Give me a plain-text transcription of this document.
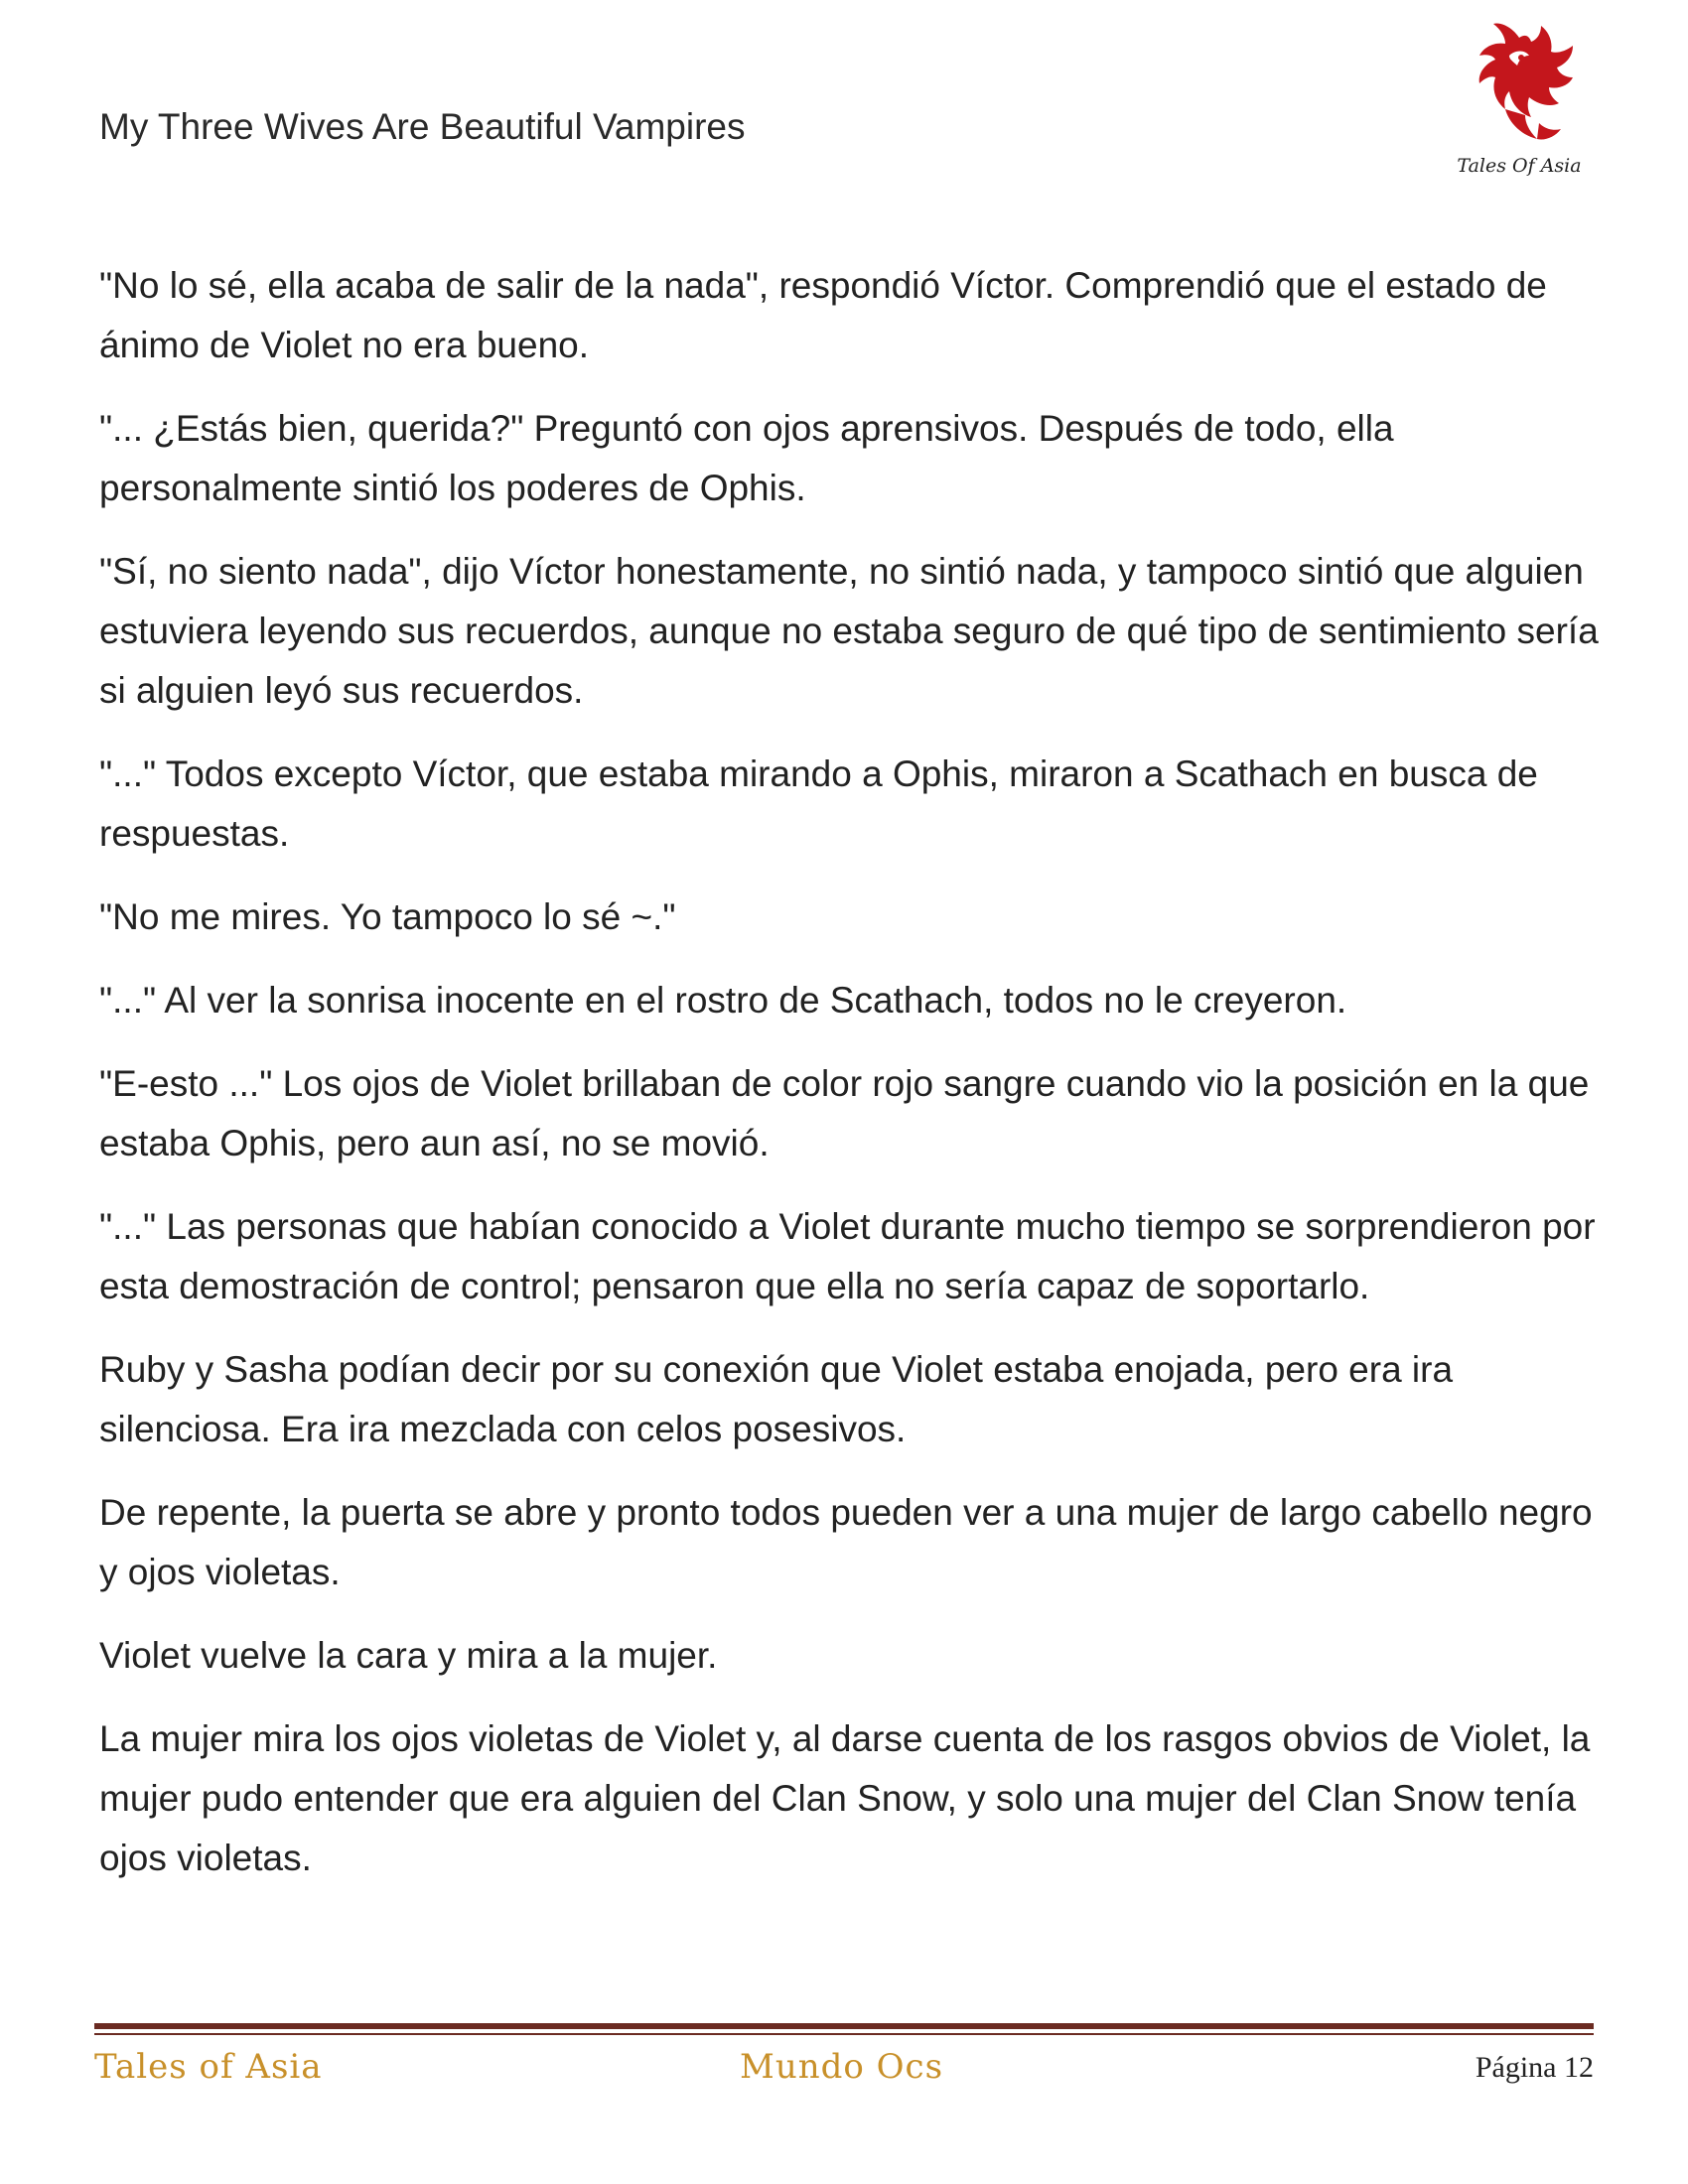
My Three Wives Are Beautiful Vampires
Tales Of Asia

"No lo sé, ella acaba de salir de la nada", respondió Víctor. Comprendió que el estado de ánimo de Violet no era bueno.

"... ¿Estás bien, querida?" Preguntó con ojos aprensivos. Después de todo, ella personalmente sintió los poderes de Ophis.

"Sí, no siento nada", dijo Víctor honestamente, no sintió nada, y tampoco sintió que alguien estuviera leyendo sus recuerdos, aunque no estaba seguro de qué tipo de sentimiento sería si alguien leyó sus recuerdos.

"..." Todos excepto Víctor, que estaba mirando a Ophis, miraron a Scathach en busca de respuestas.

"No me mires. Yo tampoco lo sé ~."

"..." Al ver la sonrisa inocente en el rostro de Scathach, todos no le creyeron.

"E-esto ..." Los ojos de Violet brillaban de color rojo sangre cuando vio la posición en la que estaba Ophis, pero aun así, no se movió.

"..." Las personas que habían conocido a Violet durante mucho tiempo se sorprendieron por esta demostración de control; pensaron que ella no sería capaz de soportarlo.

Ruby y Sasha podían decir por su conexión que Violet estaba enojada, pero era ira silenciosa. Era ira mezclada con celos posesivos.

De repente, la puerta se abre y pronto todos pueden ver a una mujer de largo cabello negro y ojos violetas.

Violet vuelve la cara y mira a la mujer.

La mujer mira los ojos violetas de Violet y, al darse cuenta de los rasgos obvios de Violet, la mujer pudo entender que era alguien del Clan Snow, y solo una mujer del Clan Snow tenía ojos violetas.

Tales of Asia	Mundo Ocs	Página 12
